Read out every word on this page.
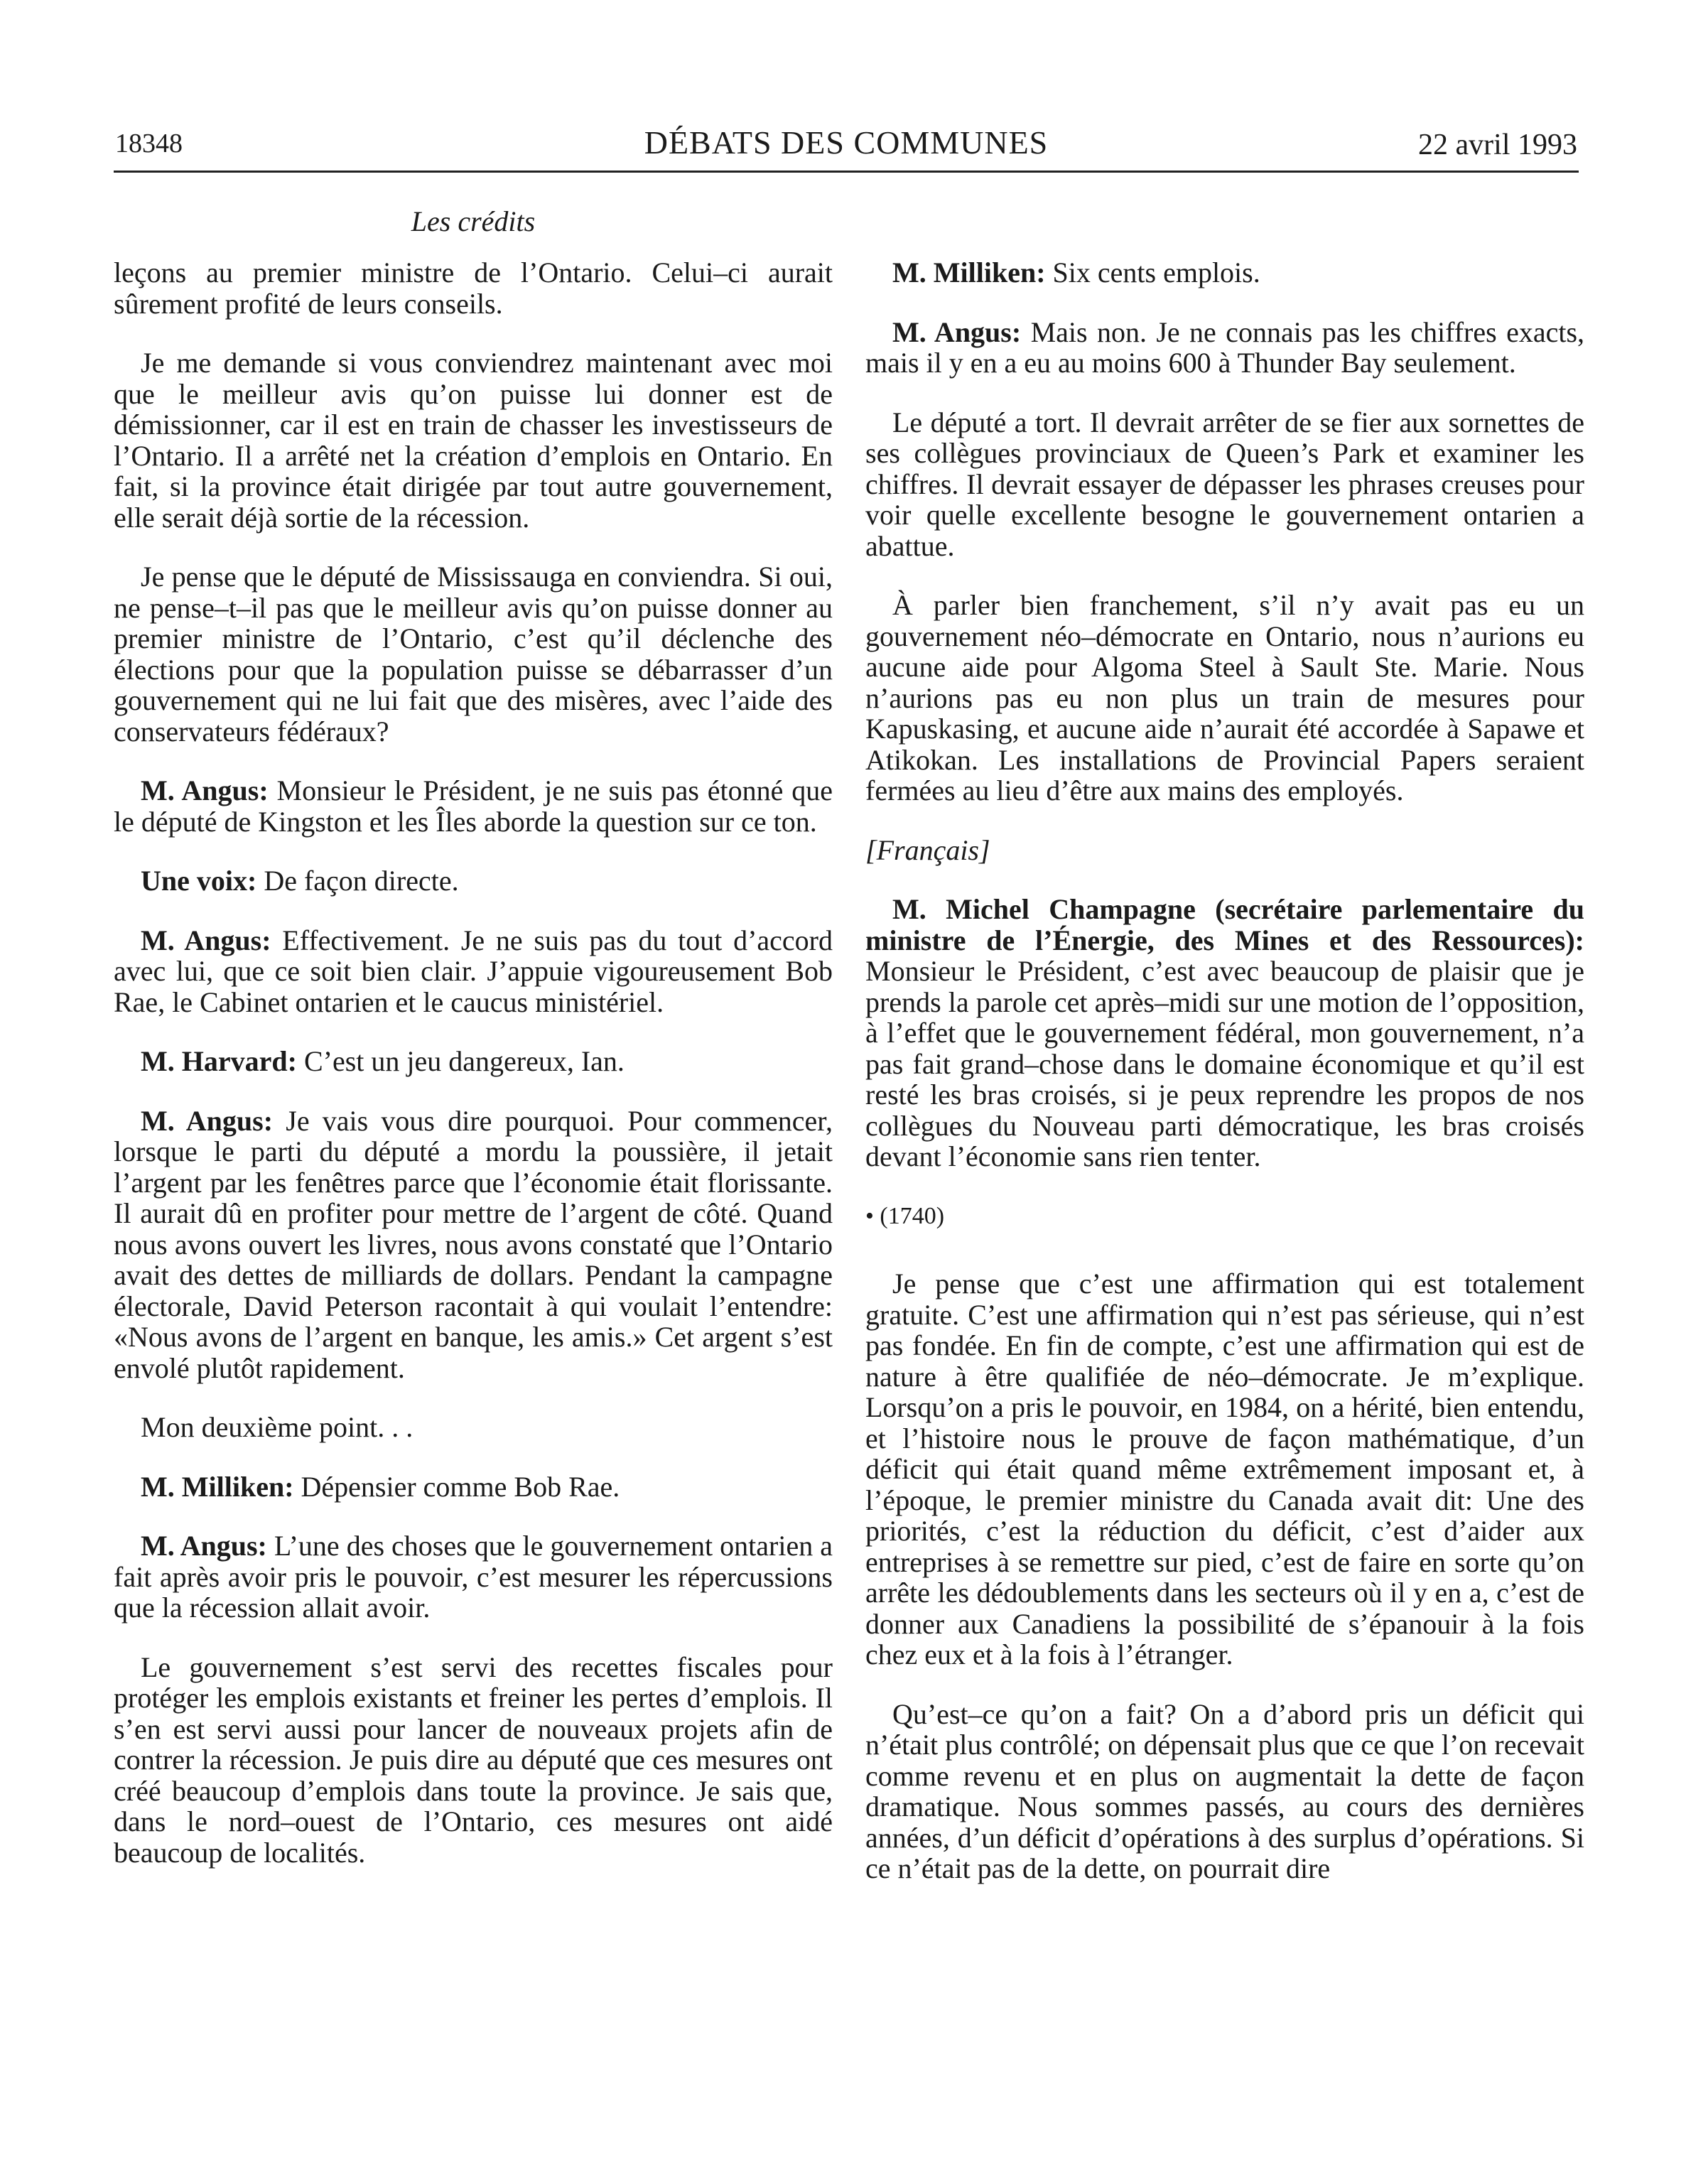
18348	DÉBATS DES COMMUNES	22 avril 1993
Les crédits

leçons au premier ministre de l’Ontario. Celui–ci aurait sûrement profité de leurs conseils.

Je me demande si vous conviendrez maintenant avec moi que le meilleur avis qu’on puisse lui donner est de démissionner, car il est en train de chasser les investisseurs de l’Ontario. Il a arrêté net la création d’emplois en Ontario. En fait, si la province était dirigée par tout autre gouvernement, elle serait déjà sortie de la récession.

Je pense que le député de Mississauga en conviendra. Si oui, ne pense–t–il pas que le meilleur avis qu’on puisse donner au premier ministre de l’Ontario, c’est qu’il déclenche des élections pour que la population puisse se débarrasser d’un gouvernement qui ne lui fait que des misères, avec l’aide des conservateurs fédéraux?

M. Angus: Monsieur le Président, je ne suis pas étonné que le député de Kingston et les Îles aborde la question sur ce ton.

Une voix: De façon directe.

M. Angus: Effectivement. Je ne suis pas du tout d’accord avec lui, que ce soit bien clair. J’appuie vigoureusement Bob Rae, le Cabinet ontarien et le caucus ministériel.

M. Harvard: C’est un jeu dangereux, Ian.

M. Angus: Je vais vous dire pourquoi. Pour commencer, lorsque le parti du député a mordu la poussière, il jetait l’argent par les fenêtres parce que l’économie était florissante. Il aurait dû en profiter pour mettre de l’argent de côté. Quand nous avons ouvert les livres, nous avons constaté que l’Ontario avait des dettes de milliards de dollars. Pendant la campagne électorale, David Peterson racontait à qui voulait l’entendre: «Nous avons de l’argent en banque, les amis.» Cet argent s’est envolé plutôt rapidement.

Mon deuxième point. . .

M. Milliken: Dépensier comme Bob Rae.

M. Angus: L’une des choses que le gouvernement ontarien a fait après avoir pris le pouvoir, c’est mesurer les répercussions que la récession allait avoir.

Le gouvernement s’est servi des recettes fiscales pour protéger les emplois existants et freiner les pertes d’emplois. Il s’en est servi aussi pour lancer de nouveaux projets afin de contrer la récession. Je puis dire au député que ces mesures ont créé beaucoup d’emplois dans toute la province. Je sais que, dans le nord–ouest de l’Ontario, ces mesures ont aidé beaucoup de localités.

M. Milliken: Six cents emplois.

M. Angus: Mais non. Je ne connais pas les chiffres exacts, mais il y en a eu au moins 600 à Thunder Bay seulement.

Le député a tort. Il devrait arrêter de se fier aux sornettes de ses collègues provinciaux de Queen’s Park et examiner les chiffres. Il devrait essayer de dépasser les phrases creuses pour voir quelle excellente besogne le gouvernement ontarien a abattue.

À parler bien franchement, s’il n’y avait pas eu un gouvernement néo–démocrate en Ontario, nous n’aurions eu aucune aide pour Algoma Steel à Sault Ste. Marie. Nous n’aurions pas eu non plus un train de mesures pour Kapuskasing, et aucune aide n’aurait été accordée à Sapawe et Atikokan. Les installations de Provincial Papers seraient fermées au lieu d’être aux mains des employés.

[Français]

M. Michel Champagne (secrétaire parlementaire du ministre de l’Énergie, des Mines et des Ressources): Monsieur le Président, c’est avec beaucoup de plaisir que je prends la parole cet après–midi sur une motion de l’opposition, à l’effet que le gouvernement fédéral, mon gouvernement, n’a pas fait grand–chose dans le domaine économique et qu’il est resté les bras croisés, si je peux reprendre les propos de nos collègues du Nouveau parti démocratique, les bras croisés devant l’économie sans rien tenter.

• (1740)

Je pense que c’est une affirmation qui est totalement gratuite. C’est une affirmation qui n’est pas sérieuse, qui n’est pas fondée. En fin de compte, c’est une affirmation qui est de nature à être qualifiée de néo–démocrate. Je m’explique. Lorsqu’on a pris le pouvoir, en 1984, on a hérité, bien entendu, et l’histoire nous le prouve de façon mathématique, d’un déficit qui était quand même extrêmement imposant et, à l’époque, le premier ministre du Canada avait dit: Une des priorités, c’est la réduction du déficit, c’est d’aider aux entreprises à se remettre sur pied, c’est de faire en sorte qu’on arrête les dédoublements dans les secteurs où il y en a, c’est de donner aux Canadiens la possibilité de s’épanouir à la fois chez eux et à la fois à l’étranger.

Qu’est–ce qu’on a fait? On a d’abord pris un déficit qui n’était plus contrôlé; on dépensait plus que ce que l’on recevait comme revenu et en plus on augmentait la dette de façon dramatique. Nous sommes passés, au cours des dernières années, d’un déficit d’opérations à des surplus d’opérations. Si ce n’était pas de la dette, on pourrait dire
